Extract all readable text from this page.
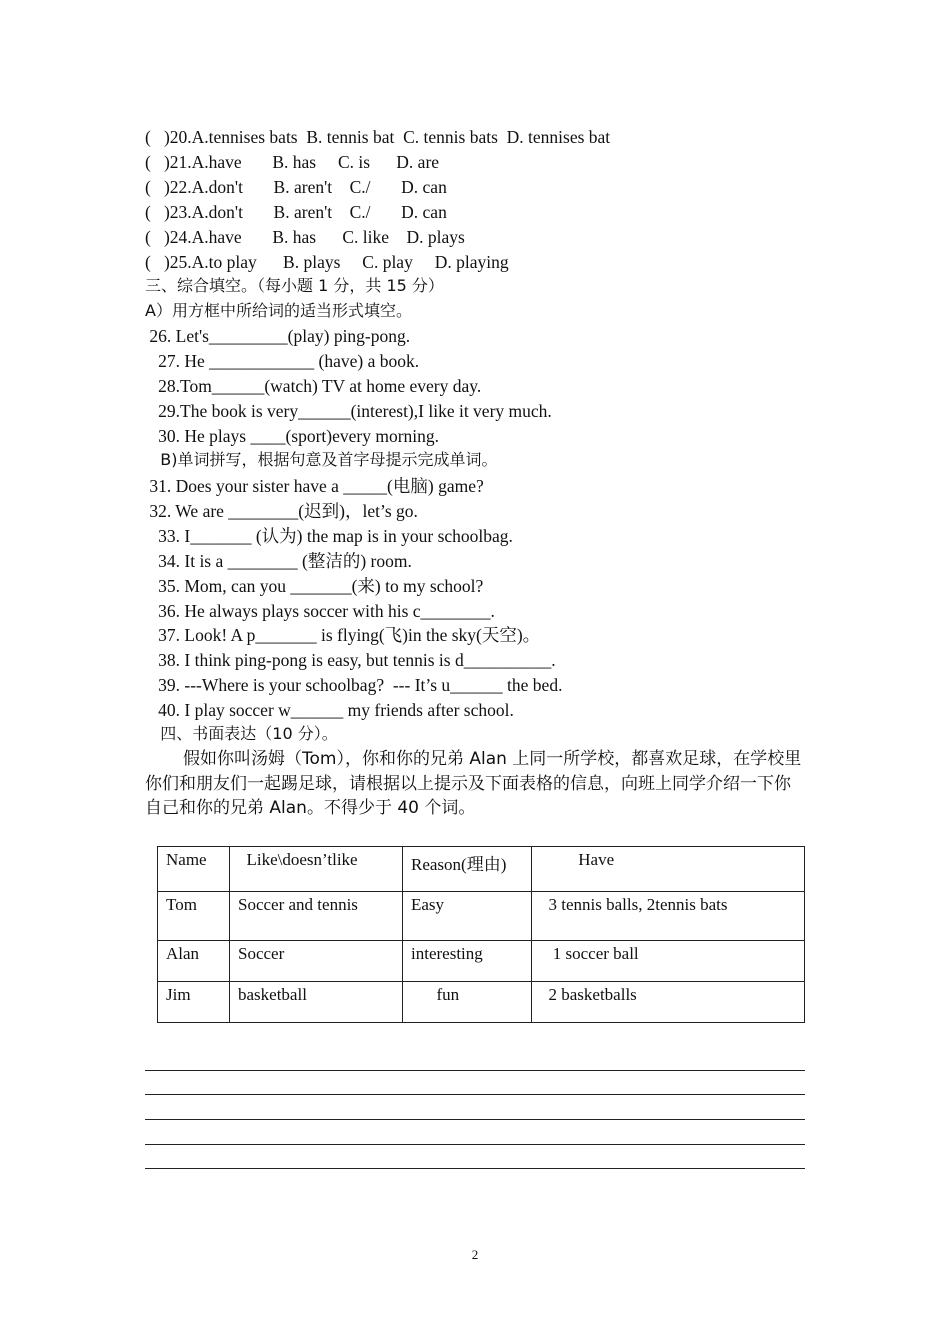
(   )20.A.tennises bats  B. tennis bat  C. tennis bats  D. tennises bat
(   )21.A.have       B. has     C. is      D. are
(   )22.A.don't       B. aren't    C./       D. can
(   )23.A.don't       B. aren't    C./       D. can
(   )24.A.have       B. has      C. like    D. plays
(   )25.A.to play      B. plays     C. play     D. playing
三、综合填空。（每小题 1 分，共 15 分）
A）用方框中所给词的适当形式填空。
26. Let's_________(play) ping-pong.
27. He ____________ (have) a book.
28.Tom______(watch) TV at home every day.
29.The book is very______(interest),I like it very much.
30. He plays ____(sport)every morning.
B)单词拼写，根据句意及首字母提示完成单词。
31. Does your sister have a _____(电脑) game?
32. We are ________(迟到)，let’s go.
33. I_______ (认为) the map is in your schoolbag.
34. It is a ________ (整洁的) room.
35. Mom, can you _______(来) to my school?
36. He always plays soccer with his c________.
37. Look! A p_______ is flying(飞)in the sky(天空)。
38. I think ping-pong is easy, but tennis is d__________.
39. ---Where is your schoolbag?  --- It’s u______ the bed.
40. I play soccer w______ my friends after school.
四、书面表达（10 分）。
假如你叫汤姆（Tom），你和你的兄弟 Alan 上同一所学校，都喜欢足球，在学校里你们和朋友们一起踢足球，请根据以上提示及下面表格的信息，向班上同学介绍一下你自己和你的兄弟 Alan。不得少于 40 个词。
Name	Like\doesn’tlike	Reason(理由)	Have
Tom	Soccer and tennis	Easy	3 tennis balls, 2tennis bats
Alan	Soccer	interesting	1 soccer ball
Jim	basketball	fun	2 basketballs
2
